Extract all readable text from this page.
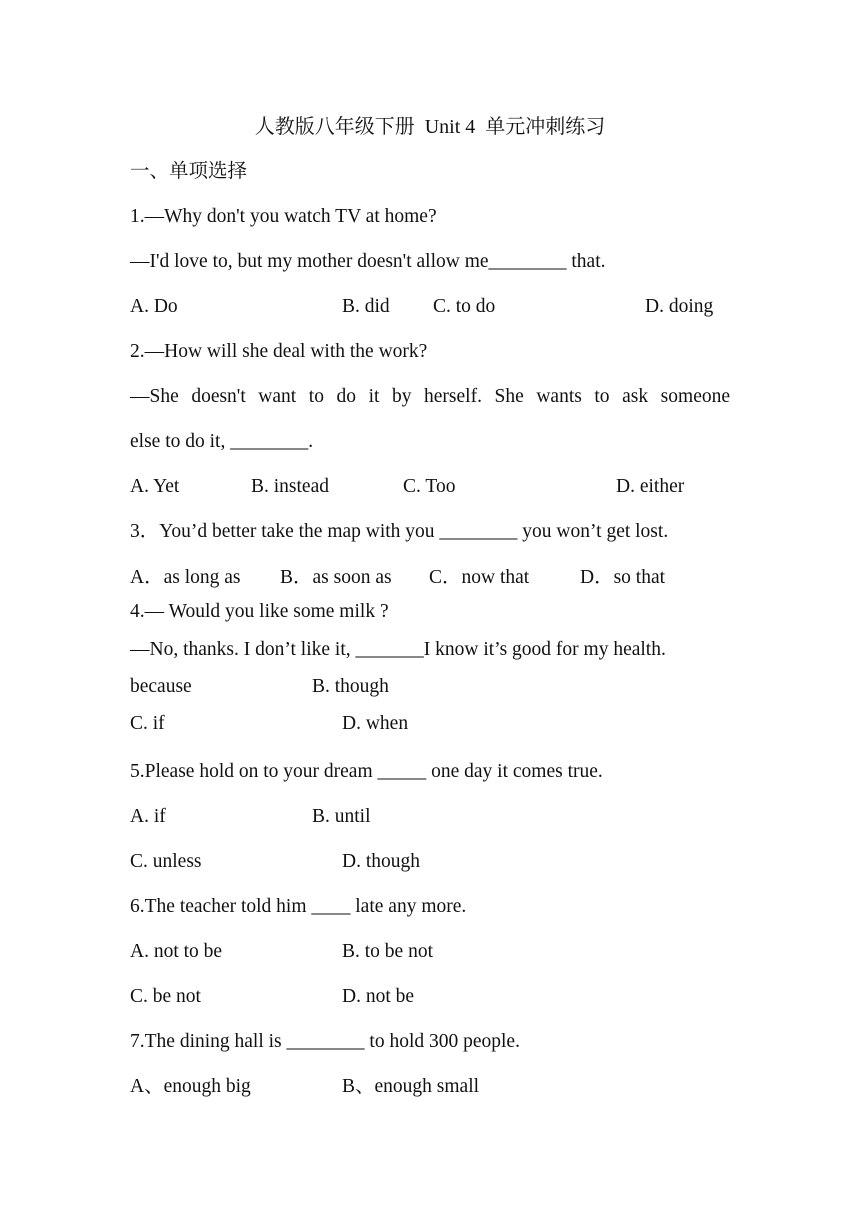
人教版八年级下册  Unit 4  单元冲刺练习
一、单项选择
1.—Why don't you watch TV at home?
—I'd love to, but my mother doesn't allow me________ that.
A. Do	B. did C. to do	D. doing
2.—How will she deal with the work?
—She doesn't want to do it by herself. She wants to ask someone
else to do it, ________.
A. Yet	B. instead	C. Too	D. either
3．You’d better take the map with you ________ you won’t get lost.
A．as long as B．as soon as C．now that	D．so that
4.— Would you like some milk ?
—No, thanks. I don’t like it, _______I know it’s good for my health.
because	B. though
C. if	D. when
5.Please hold on to your dream _____ one day it comes true.
A. if	B. until
C. unless	D. though
6.The teacher told him ____ late any more.
A. not to be	B. to be not
C. be not	D. not be
7.The dining hall is ________ to hold 300 people.
A、enough big	B、enough small
